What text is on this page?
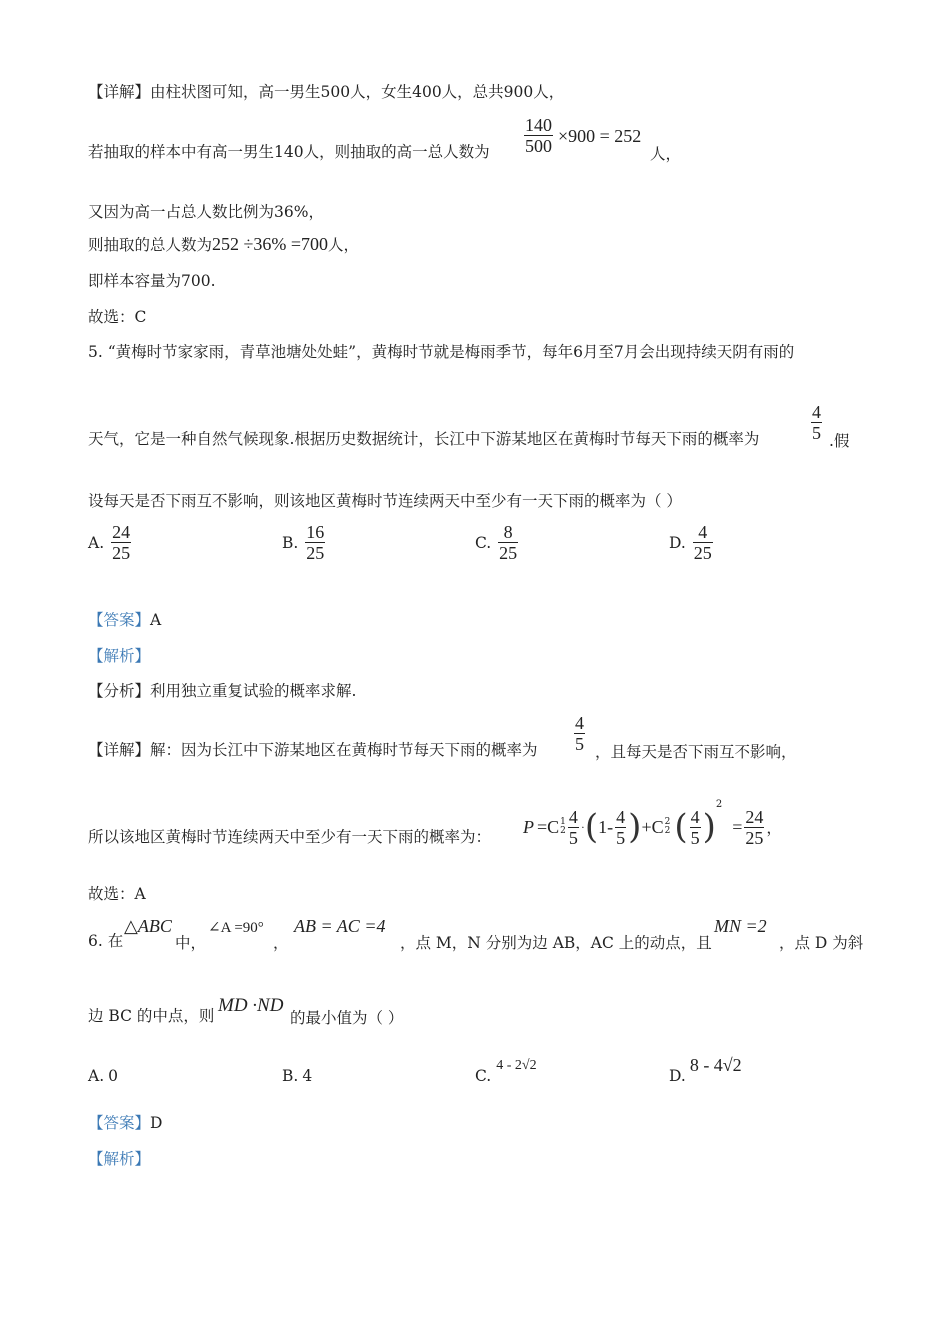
【详解】由柱状图可知，高一男生500人，女生400人，总共900人，
若抽取的样本中有高一男生140人，则抽取的高一总人数为 $\frac{140}{500} \times 900 = 252$
人，
又因为高一占总人数比例为36%，
则抽取的总人数为252 ÷36% =700人，
即样本容量为700.
故选：C
5. “黄梅时节家家雨，青草池塘处处蛙”，黄梅时节就是梅雨季节，每年6月至7月会出现持续天阴有雨的
天气，它是一种自然气候现象.根据历史数据统计，长江中下游某地区在黄梅时节每天下雨的概率为	$\frac{4}{5}$ .假
设每天是否下雨互不影响，则该地区黄梅时节连续两天中至少有一天下雨的概率为（ ）
A. $\frac{24}{25}$	B. $\frac{16}{25}$	C. $\frac{8}{25}$	D. $\frac{4}{25}$
【答案】A
【解析】
【分析】利用独立重复试验的概率求解.
【详解】解：因为长江中下游某地区在黄梅时节每天下雨的概率为 $\frac{4}{5}$ ，且每天是否下雨互不影响，
所以该地区黄梅时节连续两天中至少有一天下雨的概率为：
P =C 1
$2 \frac{4}{5}$ · ( $1- \frac{4}{5}$ ) +C 2
2 ( $\frac{4}{5}$ )
2
= $\frac{24}{25}$ ，
故选：A
6. 在
△ABC
中，
∠A =90°
，
AB = AC =4
，点 M，N 分别为边 AB，AC 上的动点，且
MN =2
，点 D 为斜
边 BC 的中点，则 MD ·ND
的最小值为（ ）
A. 0	B. 4	C.4 - 2√2
D.8 - 4√2
【答案】D
【解析】
